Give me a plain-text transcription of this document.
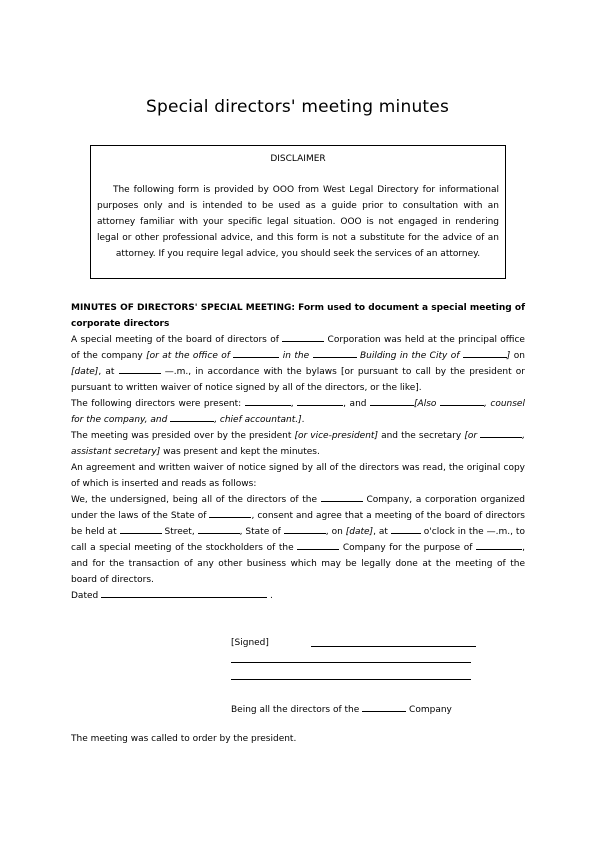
Special directors' meeting minutes
DISCLAIMER
The following form is provided by OOO from West Legal Directory for informational purposes only and is intended to be used as a guide prior to consultation with an attorney familiar with your specific legal situation. OOO is not engaged in rendering legal or other professional advice, and this form is not a substitute for the advice of an attorney. If you require legal advice, you should seek the services of an attorney.
MINUTES OF DIRECTORS' SPECIAL MEETING: Form used to document a special meeting of corporate directors
A special meeting of the board of directors of	Corporation was held at the principal office of the company [or at the office of	in the	Building in the City of	] on [date], at	—.m., in accordance with the bylaws [or pursuant to call by the president or pursuant to written waiver of notice signed by all of the directors, or the like].
The following directors were present:	,	, and	[Also	, counsel for the company, and	, chief accountant.].
The meeting was presided over by the president [or vice-president] and the secretary [or	, assistant secretary] was present and kept the minutes.
An agreement and written waiver of notice signed by all of the directors was read, the original copy of which is inserted and reads as follows:
We, the undersigned, being all of the directors of the	Company, a corporation organized under the laws of the State of	, consent and agree that a meeting of the board of directors be held at	Street,	, State of	, on [date], at	o'clock in the —.m., to call a special meeting of the stockholders of the	Company for the purpose of	, and for the transaction of any other business which may be legally done at the meeting of the board of directors.
Dated	.
[Signed]
Being all the directors of the	Company
The meeting was called to order by the president.
